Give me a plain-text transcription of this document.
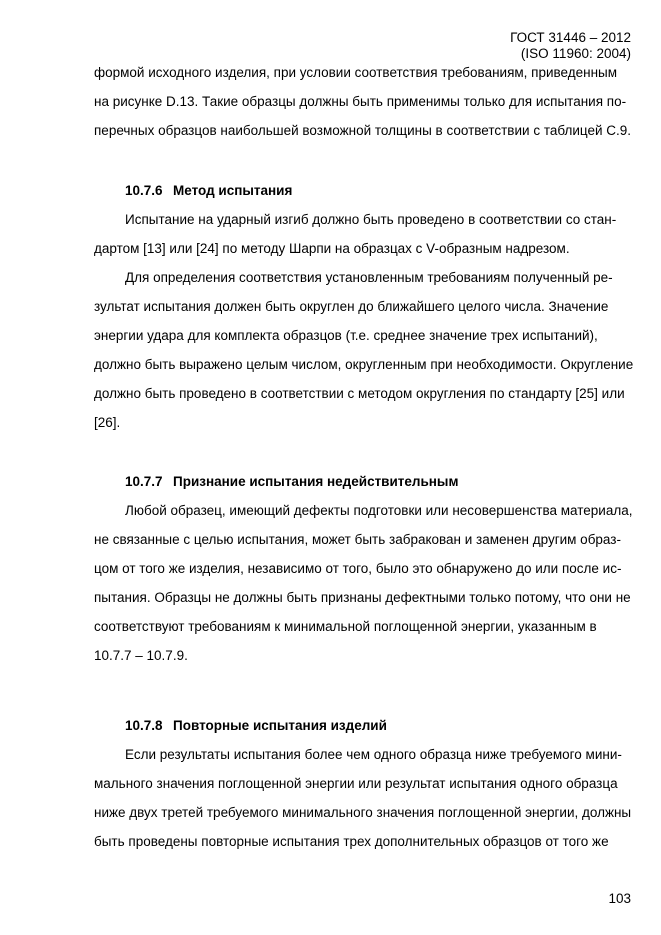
ГОСТ 31446 – 2012
(ISO 11960: 2004)
формой исходного изделия, при условии соответствия требованиям, приведенным
на рисунке D.13. Такие образцы должны быть применимы только для испытания по-
перечных образцов наибольшей возможной толщины в соответствии с таблицей С.9.
10.7.6 Метод испытания
Испытание на ударный изгиб должно быть проведено в соответствии со стан-
дартом [13] или [24] по методу Шарпи на образцах с V-образным надрезом.
Для определения соответствия установленным требованиям полученный ре-
зультат испытания должен быть округлен до ближайшего целого числа. Значение
энергии удара для комплекта образцов (т.е. среднее значение трех испытаний),
должно быть выражено целым числом, округленным при необходимости. Округление
должно быть проведено в соответствии с методом округления по стандарту [25] или
[26].
10.7.7 Признание испытания недействительным
Любой образец, имеющий дефекты подготовки или несовершенства материала,
не связанные с целью испытания, может быть забракован и заменен другим образ-
цом от того же изделия, независимо от того, было это обнаружено до или после ис-
пытания. Образцы не должны быть признаны дефектными только потому, что они не
соответствуют требованиям к минимальной поглощенной энергии, указанным в
10.7.7 – 10.7.9.
10.7.8 Повторные испытания изделий
Если результаты испытания более чем одного образца ниже требуемого мини-
мального значения поглощенной энергии или результат испытания одного образца
ниже двух третей требуемого минимального значения поглощенной энергии, должны
быть проведены повторные испытания трех дополнительных образцов от того же
103
